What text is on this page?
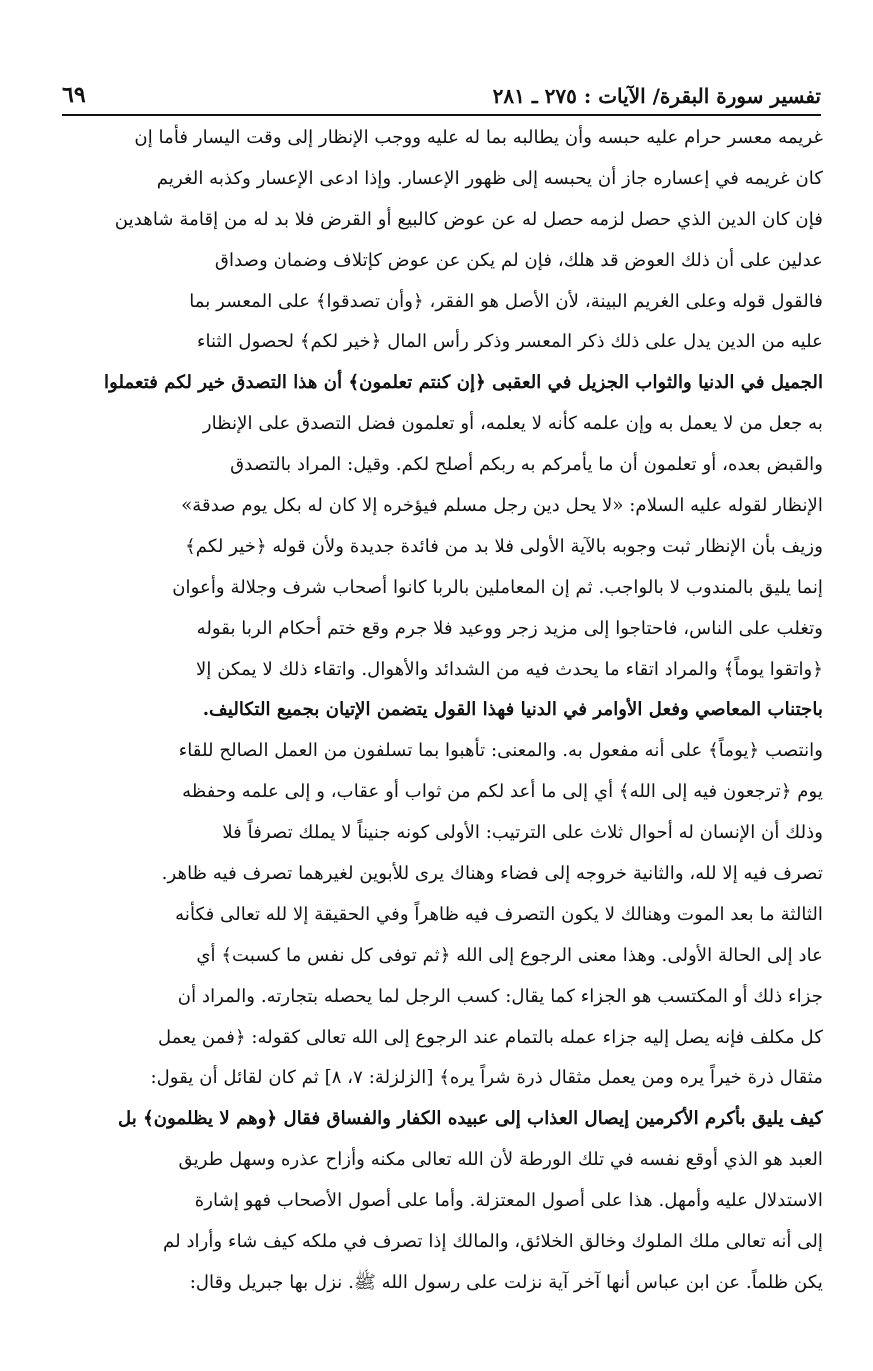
٦٩	تفسير سورة البقرة/ الآيات : ٢٧٥ ـ ٢٨١
غريمه معسر حرام عليه حبسه وأن يطالبه بما له عليه ووجب الإنظار إلى وقت اليسار فأما إن
كان غريمه في إعساره جاز أن يحبسه إلى ظهور الإعسار. وإذا ادعى الإعسار وكذبه الغريم
فإن كان الدين الذي حصل لزمه حصل له عن عوض كالبيع أو القرض فلا بد له من إقامة شاهدين
عدلين على أن ذلك العوض قد هلك، فإن لم يكن عن عوض كإتلاف وضمان وصداق
فالقول قوله وعلى الغريم البينة، لأن الأصل هو الفقر، ﴿وأن تصدقوا﴾ على المعسر بما
عليه من الدين يدل على ذلك ذكر المعسر وذكر رأس المال ﴿خير لكم﴾ لحصول الثناء
الجميل في الدنيا والثواب الجزيل في العقبى ﴿إن كنتم تعلمون﴾ أن هذا التصدق خير لكم فتعملوا
به جعل من لا يعمل به وإن علمه كأنه لا يعلمه، أو تعلمون فضل التصدق على الإنظار
والقبض بعده، أو تعلمون أن ما يأمركم به ربكم أصلح لكم. وقيل: المراد بالتصدق
الإنظار لقوله عليه السلام: «لا يحل دين رجل مسلم فيؤخره إلا كان له بكل يوم صدقة»
وزيف بأن الإنظار ثبت وجوبه بالآية الأولى فلا بد من فائدة جديدة ولأن قوله ﴿خير لكم﴾
إنما يليق بالمندوب لا بالواجب. ثم إن المعاملين بالربا كانوا أصحاب شرف وجلالة وأعوان
وتغلب على الناس، فاحتاجوا إلى مزيد زجر ووعيد فلا جرم وقع ختم أحكام الربا بقوله
﴿واتقوا يوماً﴾ والمراد اتقاء ما يحدث فيه من الشدائد والأهوال. واتقاء ذلك لا يمكن إلا
باجتناب المعاصي وفعل الأوامر في الدنيا فهذا القول يتضمن الإتيان بجميع التكاليف.
وانتصب ﴿يوماً﴾ على أنه مفعول به. والمعنى: تأهبوا بما تسلفون من العمل الصالح للقاء
يوم ﴿ترجعون فيه إلى الله﴾ أي إلى ما أعد لكم من ثواب أو عقاب، و إلى علمه وحفظه
وذلك أن الإنسان له أحوال ثلاث على الترتيب: الأولى كونه جنيناً لا يملك تصرفاً فلا
تصرف فيه إلا لله، والثانية خروجه إلى فضاء وهناك يرى للأبوين لغيرهما تصرف فيه ظاهر.
الثالثة ما بعد الموت وهنالك لا يكون التصرف فيه ظاهراً وفي الحقيقة إلا لله تعالى فكأنه
عاد إلى الحالة الأولى. وهذا معنى الرجوع إلى الله ﴿ثم توفى كل نفس ما كسبت﴾ أي
جزاء ذلك أو المكتسب هو الجزاء كما يقال: كسب الرجل لما يحصله بتجارته. والمراد أن
كل مكلف فإنه يصل إليه جزاء عمله بالتمام عند الرجوع إلى الله تعالى كقوله: ﴿فمن يعمل
مثقال ذرة خيراً يره ومن يعمل مثقال ذرة شراً يره﴾ [الزلزلة: ٧، ٨] ثم كان لقائل أن يقول:
كيف يليق بأكرم الأكرمين إيصال العذاب إلى عبيده الكفار والفساق فقال ﴿وهم لا يظلمون﴾ بل
العبد هو الذي أوقع نفسه في تلك الورطة لأن الله تعالى مكنه وأزاح عذره وسهل طريق
الاستدلال عليه وأمهل. هذا على أصول المعتزلة. وأما على أصول الأصحاب فهو إشارة
إلى أنه تعالى ملك الملوك وخالق الخلائق، والمالك إذا تصرف في ملكه كيف شاء وأراد لم
يكن ظلماً. عن ابن عباس أنها آخر آية نزلت على رسول الله ﷺ. نزل بها جبريل وقال:
